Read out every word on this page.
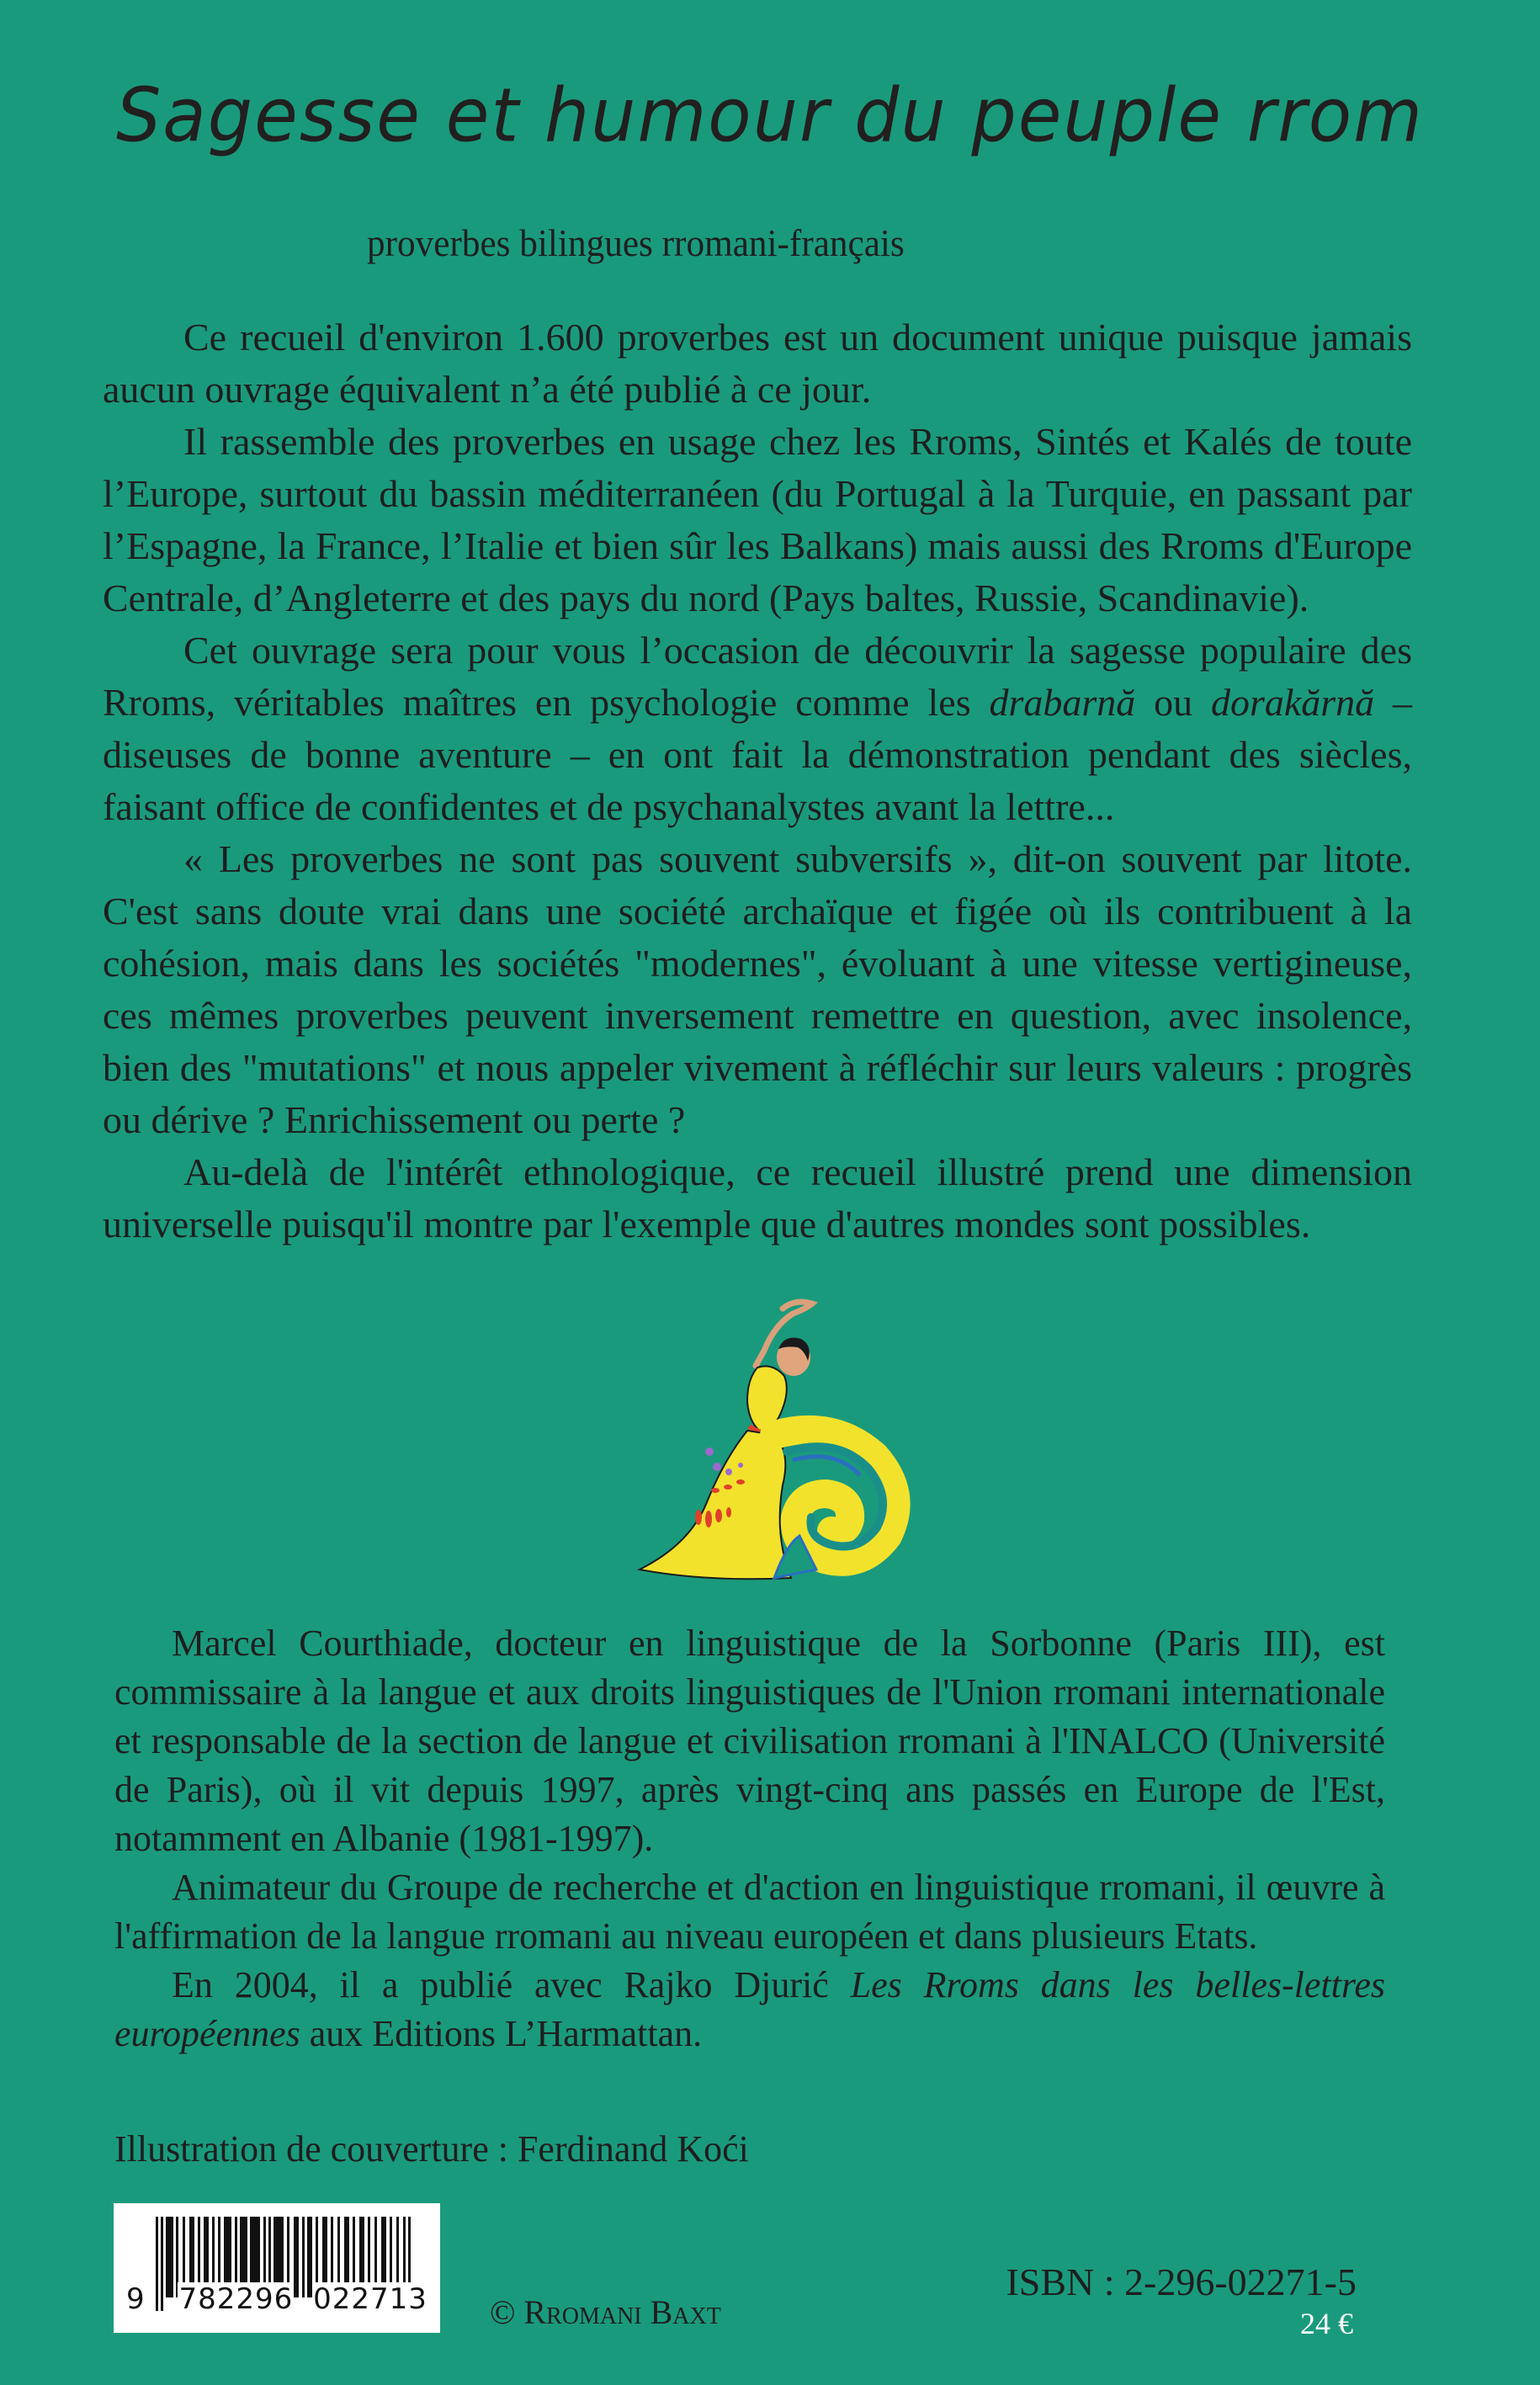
Sagesse et humour du peuple rrom
proverbes bilingues rromani-français

Ce recueil d'environ 1.600 proverbes est un document unique puisque jamais aucun ouvrage équivalent n’a été publié à ce jour.

Il rassemble des proverbes en usage chez les Rroms, Sintés et Kalés de toute l’Europe, surtout du bassin méditerranéen (du Portugal à la Turquie, en passant par l’Espagne, la France, l’Italie et bien sûr les Balkans) mais aussi des Rroms d'Europe Centrale, d’Angleterre et des pays du nord (Pays baltes, Russie, Scandinavie).

Cet ouvrage sera pour vous l’occasion de découvrir la sagesse populaire des Rroms, véritables maîtres en psychologie comme les drabarnă ou dorakărnă – diseuses de bonne aventure – en ont fait la démonstration pendant des siècles, faisant office de confidentes et de psychanalystes avant la lettre...

« Les proverbes ne sont pas souvent subversifs », dit-on souvent par litote. C'est sans doute vrai dans une société archaïque et figée où ils contribuent à la cohésion, mais dans les sociétés "modernes", évoluant à une vitesse vertigineuse, ces mêmes proverbes peuvent inversement remettre en question, avec insolence, bien des "mutations" et nous appeler vivement à réfléchir sur leurs valeurs : progrès ou dérive ? Enrichissement ou perte ?

Au-delà de l'intérêt ethnologique, ce recueil illustré prend une dimension universelle puisqu'il montre par l'exemple que d'autres mondes sont possibles.

Marcel Courthiade, docteur en linguistique de la Sorbonne (Paris III), est commissaire à la langue et aux droits linguistiques de l'Union rromani internationale et responsable de la section de langue et civilisation rromani à l'INALCO (Université de Paris), où il vit depuis 1997, après vingt-cinq ans passés en Europe de l'Est, notamment en Albanie (1981-1997).

Animateur du Groupe de recherche et d'action en linguistique rromani, il œuvre à l'affirmation de la langue rromani au niveau européen et dans plusieurs Etats.

En 2004, il a publié avec Rajko Djurić Les Rroms dans les belles-lettres européennes aux Editions L’Harmattan.

Illustration de couverture : Ferdinand Koći
9 782296 022713 © Rromani Baxt
ISBN : 2-296-02271-5
24 €
